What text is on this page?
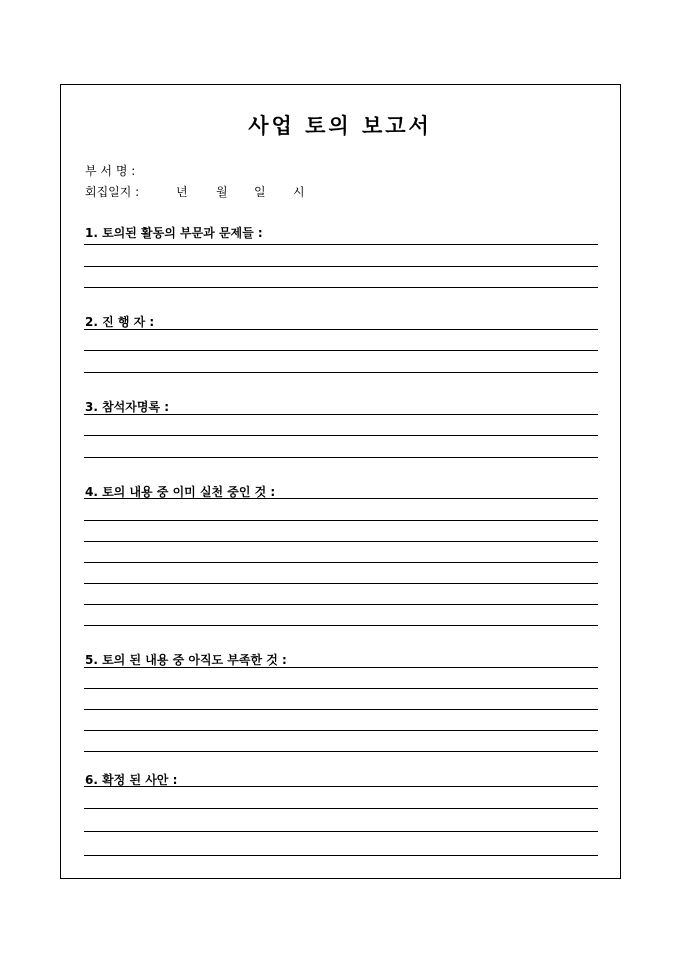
사업 토의 보고서
부 서 명 :
회집일지 :	년 월 일 시
1. 토의된 활동의 부문과 문제들 :
2. 진 행 자 :
3. 참석자명록 :
4. 토의 내용 중 이미 실천 중인 것 :
5. 토의 된 내용 중 아직도 부족한 것 :
6. 확정 된 사안 :
